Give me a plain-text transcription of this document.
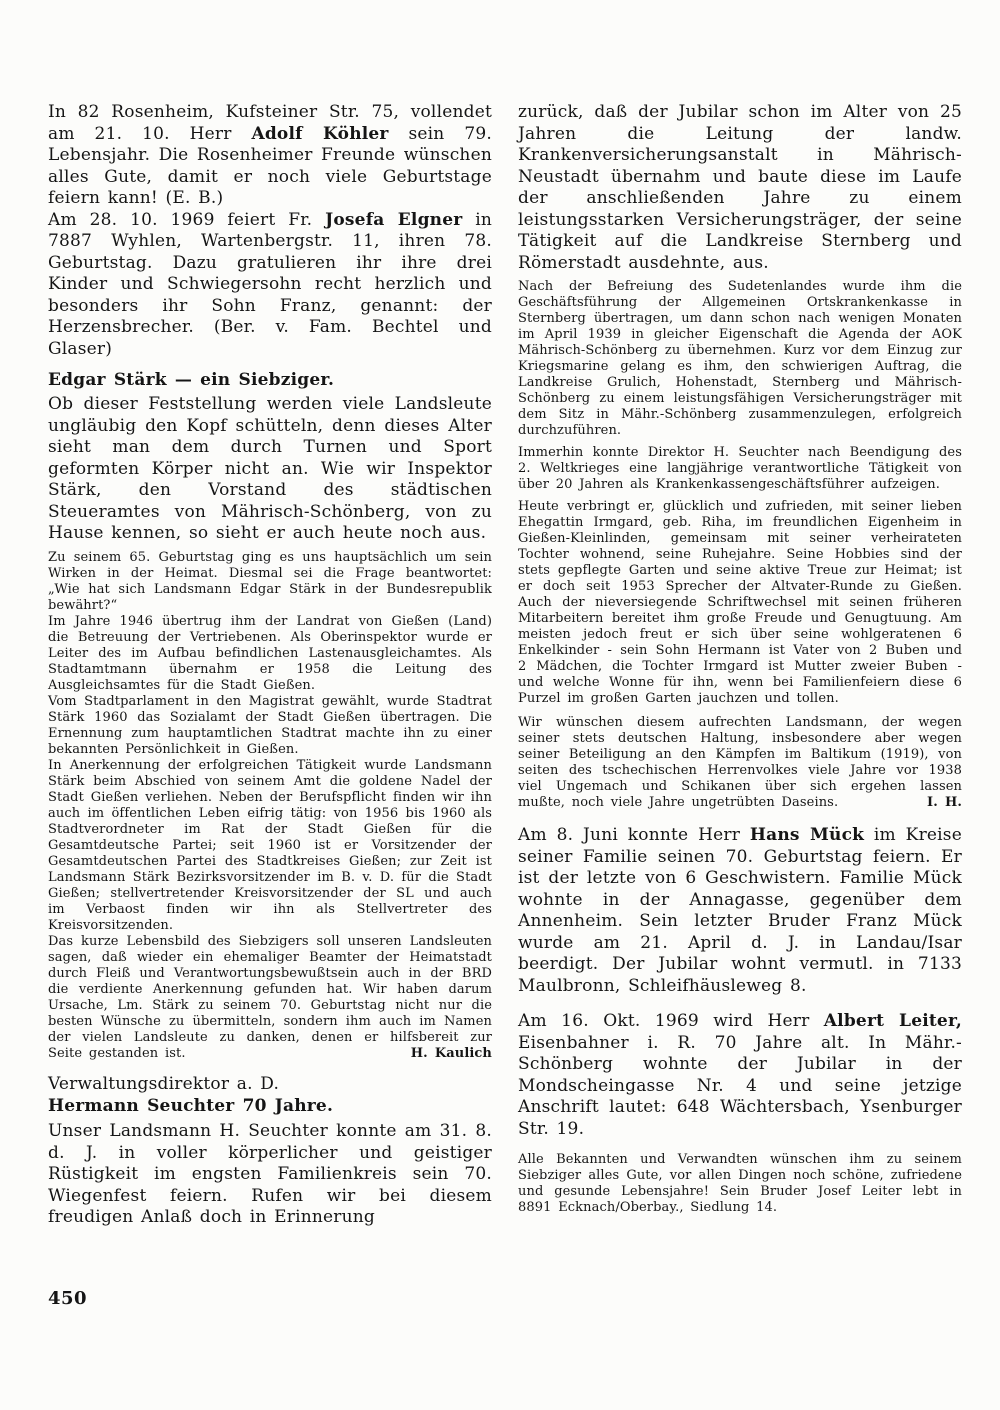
In 82 Rosenheim, Kufsteiner Str. 75, vollendet am 21. 10. Herr Adolf Köhler sein 79. Lebensjahr. Die Rosenheimer Freunde wünschen alles Gute, damit er noch viele Geburtstage feiern kann! (E. B.)

Am 28. 10. 1969 feiert Fr. Josefa Elgner in 7887 Wyhlen, Wartenbergstr. 11, ihren 78. Geburtstag. Dazu gratulieren ihr ihre drei Kinder und Schwiegersohn recht herzlich und besonders ihr Sohn Franz, genannt: der Herzensbrecher. (Ber. v. Fam. Bechtel und Glaser)

Edgar Stärk — ein Siebziger.

Ob dieser Feststellung werden viele Landsleute ungläubig den Kopf schütteln, denn dieses Alter sieht man dem durch Turnen und Sport geformten Körper nicht an. Wie wir Inspektor Stärk, den Vorstand des städtischen Steueramtes von Mährisch-Schönberg, von zu Hause kennen, so sieht er auch heute noch aus.

Zu seinem 65. Geburtstag ging es uns hauptsächlich um sein Wirken in der Heimat. Diesmal sei die Frage beantwortet: „Wie hat sich Landsmann Edgar Stärk in der Bundesrepublik bewährt?“

Im Jahre 1946 übertrug ihm der Landrat von Gießen (Land) die Betreuung der Vertriebenen. Als Oberinspektor wurde er Leiter des im Aufbau befindlichen Lastenausgleichamtes. Als Stadtamtmann übernahm er 1958 die Leitung des Ausgleichsamtes für die Stadt Gießen.

Vom Stadtparlament in den Magistrat gewählt, wurde Stadtrat Stärk 1960 das Sozialamt der Stadt Gießen übertragen. Die Ernennung zum hauptamtlichen Stadtrat machte ihn zu einer bekannten Persönlichkeit in Gießen.

In Anerkennung der erfolgreichen Tätigkeit wurde Landsmann Stärk beim Abschied von seinem Amt die goldene Nadel der Stadt Gießen verliehen. Neben der Berufspflicht finden wir ihn auch im öffentlichen Leben eifrig tätig: von 1956 bis 1960 als Stadtverordneter im Rat der Stadt Gießen für die Gesamtdeutsche Partei; seit 1960 ist er Vorsitzender der Gesamtdeutschen Partei des Stadtkreises Gießen; zur Zeit ist Landsmann Stärk Bezirksvorsitzender im B. v. D. für die Stadt Gießen; stellvertretender Kreisvorsitzender der SL und auch im Verbaost finden wir ihn als Stellvertreter des Kreisvorsitzenden.

Das kurze Lebensbild des Siebzigers soll unseren Landsleuten sagen, daß wieder ein ehemaliger Beamter der Heimatstadt durch Fleiß und Verantwortungsbewußtsein auch in der BRD die verdiente Anerkennung gefunden hat. Wir haben darum Ursache, Lm. Stärk zu seinem 70. Geburtstag nicht nur die besten Wünsche zu übermitteln, sondern ihm auch im Namen der vielen Landsleute zu danken, denen er hilfsbereit zur Seite gestanden ist.	H. Kaulich

Verwaltungsdirektor a. D.

Hermann Seuchter 70 Jahre.

Unser Landsmann H. Seuchter konnte am 31. 8. d. J. in voller körperlicher und geistiger Rüstigkeit im engsten Familienkreis sein 70. Wiegenfest feiern. Rufen wir bei diesem freudigen Anlaß doch in Erinnerung

zurück, daß der Jubilar schon im Alter von 25 Jahren die Leitung der landw. Krankenversicherungsanstalt in Mährisch-Neustadt übernahm und baute diese im Laufe der anschließenden Jahre zu einem leistungsstarken Versicherungsträger, der seine Tätigkeit auf die Landkreise Sternberg und Römerstadt ausdehnte, aus.

Nach der Befreiung des Sudetenlandes wurde ihm die Geschäftsführung der Allgemeinen Ortskrankenkasse in Sternberg übertragen, um dann schon nach wenigen Monaten im April 1939 in gleicher Eigenschaft die Agenda der AOK Mährisch-Schönberg zu übernehmen. Kurz vor dem Einzug zur Kriegsmarine gelang es ihm, den schwierigen Auftrag, die Landkreise Grulich, Hohenstadt, Sternberg und Mährisch-Schönberg zu einem leistungsfähigen Versicherungsträger mit dem Sitz in Mähr.-Schönberg zusammenzulegen, erfolgreich durchzuführen.

Immerhin konnte Direktor H. Seuchter nach Beendigung des 2. Weltkrieges eine langjährige verantwortliche Tätigkeit von über 20 Jahren als Krankenkassengeschäftsführer aufzeigen.

Heute verbringt er, glücklich und zufrieden, mit seiner lieben Ehegattin Irmgard, geb. Riha, im freundlichen Eigenheim in Gießen-Kleinlinden, gemeinsam mit seiner verheirateten Tochter wohnend, seine Ruhejahre. Seine Hobbies sind der stets gepflegte Garten und seine aktive Treue zur Heimat; ist er doch seit 1953 Sprecher der Altvater-Runde zu Gießen. Auch der nieversiegende Schriftwechsel mit seinen früheren Mitarbeitern bereitet ihm große Freude und Genugtuung. Am meisten jedoch freut er sich über seine wohlgeratenen 6 Enkelkinder - sein Sohn Hermann ist Vater von 2 Buben und 2 Mädchen, die Tochter Irmgard ist Mutter zweier Buben - und welche Wonne für ihn, wenn bei Familienfeiern diese 6 Purzel im großen Garten jauchzen und tollen.

Wir wünschen diesem aufrechten Landsmann, der wegen seiner stets deutschen Haltung, insbesondere aber wegen seiner Beteiligung an den Kämpfen im Baltikum (1919), von seiten des tschechischen Herrenvolkes viele Jahre vor 1938 viel Ungemach und Schikanen über sich ergehen lassen mußte, noch viele Jahre ungetrübten Daseins.	I. H.

Am 8. Juni konnte Herr Hans Mück im Kreise seiner Familie seinen 70. Geburtstag feiern. Er ist der letzte von 6 Geschwistern. Familie Mück wohnte in der Annagasse, gegenüber dem Annenheim. Sein letzter Bruder Franz Mück wurde am 21. April d. J. in Landau/Isar beerdigt. Der Jubilar wohnt vermutl. in 7133 Maulbronn, Schleifhäusleweg 8.

Am 16. Okt. 1969 wird Herr Albert Leiter, Eisenbahner i. R. 70 Jahre alt. In Mähr.-Schönberg wohnte der Jubilar in der Mondscheingasse Nr. 4 und seine jetzige Anschrift lautet: 648 Wächtersbach, Ysenburger Str. 19.

Alle Bekannten und Verwandten wünschen ihm zu seinem Siebziger alles Gute, vor allen Dingen noch schöne, zufriedene und gesunde Lebensjahre! Sein Bruder Josef Leiter lebt in 8891 Ecknach/Oberbay., Siedlung 14.

450
